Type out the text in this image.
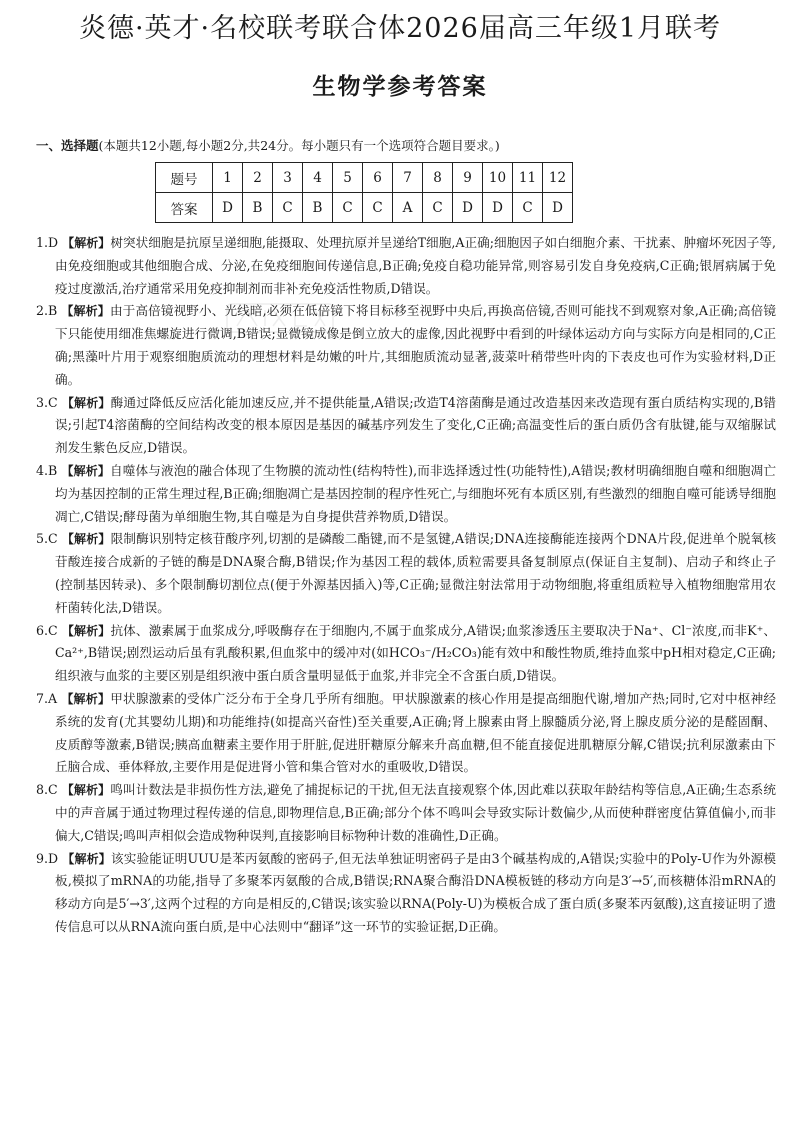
炎德·英才·名校联考联合体2026届高三年级1月联考
生物学参考答案
一、选择题(本题共12小题,每小题2分,共24分。每小题只有一个选项符合题目要求。)
题号	1	2	3	4	5	6	7	8	9	10	11	12
答案	D	B	C	B	C	C	A	C	D	D	C	D

1.D 【解析】树突状细胞是抗原呈递细胞,能摄取、处理抗原并呈递给T细胞,A正确;细胞因子如白细胞介素、干扰素、肿瘤坏死因子等,由免疫细胞或其他细胞合成、分泌,在免疫细胞间传递信息,B正确;免疫自稳功能异常,则容易引发自身免疫病,C正确;银屑病属于免疫过度激活,治疗通常采用免疫抑制剂而非补充免疫活性物质,D错误。

2.B 【解析】由于高倍镜视野小、光线暗,必须在低倍镜下将目标移至视野中央后,再换高倍镜,否则可能找不到观察对象,A正确;高倍镜下只能使用细准焦螺旋进行微调,B错误;显微镜成像是倒立放大的虚像,因此视野中看到的叶绿体运动方向与实际方向是相同的,C正确;黑藻叶片用于观察细胞质流动的理想材料是幼嫩的叶片,其细胞质流动显著,菠菜叶稍带些叶肉的下表皮也可作为实验材料,D正确。

3.C 【解析】酶通过降低反应活化能加速反应,并不提供能量,A错误;改造T4溶菌酶是通过改造基因来改造现有蛋白质结构实现的,B错误;引起T4溶菌酶的空间结构改变的根本原因是基因的碱基序列发生了变化,C正确;高温变性后的蛋白质仍含有肽键,能与双缩脲试剂发生紫色反应,D错误。

4.B 【解析】自噬体与液泡的融合体现了生物膜的流动性(结构特性),而非选择透过性(功能特性),A错误;教材明确细胞自噬和细胞凋亡均为基因控制的正常生理过程,B正确;细胞凋亡是基因控制的程序性死亡,与细胞坏死有本质区别,有些激烈的细胞自噬可能诱导细胞凋亡,C错误;酵母菌为单细胞生物,其自噬是为自身提供营养物质,D错误。

5.C 【解析】限制酶识别特定核苷酸序列,切割的是磷酸二酯键,而不是氢键,A错误;DNA连接酶能连接两个DNA片段,促进单个脱氧核苷酸连接合成新的子链的酶是DNA聚合酶,B错误;作为基因工程的载体,质粒需要具备复制原点(保证自主复制)、启动子和终止子(控制基因转录)、多个限制酶切割位点(便于外源基因插入)等,C正确;显微注射法常用于动物细胞,将重组质粒导入植物细胞常用农杆菌转化法,D错误。

6.C 【解析】抗体、激素属于血浆成分,呼吸酶存在于细胞内,不属于血浆成分,A错误;血浆渗透压主要取决于Na⁺、Cl⁻浓度,而非K⁺、Ca²⁺,B错误;剧烈运动后虽有乳酸积累,但血浆中的缓冲对(如HCO₃⁻/H₂CO₃)能有效中和酸性物质,维持血浆中pH相对稳定,C正确;组织液与血浆的主要区别是组织液中蛋白质含量明显低于血浆,并非完全不含蛋白质,D错误。

7.A 【解析】甲状腺激素的受体广泛分布于全身几乎所有细胞。甲状腺激素的核心作用是提高细胞代谢,增加产热;同时,它对中枢神经系统的发育(尤其婴幼儿期)和功能维持(如提高兴奋性)至关重要,A正确;肾上腺素由肾上腺髓质分泌,肾上腺皮质分泌的是醛固酮、皮质醇等激素,B错误;胰高血糖素主要作用于肝脏,促进肝糖原分解来升高血糖,但不能直接促进肌糖原分解,C错误;抗利尿激素由下丘脑合成、垂体释放,主要作用是促进肾小管和集合管对水的重吸收,D错误。

8.C 【解析】鸣叫计数法是非损伤性方法,避免了捕捉标记的干扰,但无法直接观察个体,因此难以获取年龄结构等信息,A正确;生态系统中的声音属于通过物理过程传递的信息,即物理信息,B正确;部分个体不鸣叫会导致实际计数偏少,从而使种群密度估算值偏小,而非偏大,C错误;鸣叫声相似会造成物种误判,直接影响目标物种计数的准确性,D正确。

9.D 【解析】该实验能证明UUU是苯丙氨酸的密码子,但无法单独证明密码子是由3个碱基构成的,A错误;实验中的Poly-U作为外源模板,模拟了mRNA的功能,指导了多聚苯丙氨酸的合成,B错误;RNA聚合酶沿DNA模板链的移动方向是3′→5′,而核糖体沿mRNA的移动方向是5′→3′,这两个过程的方向是相反的,C错误;该实验以RNA(Poly-U)为模板合成了蛋白质(多聚苯丙氨酸),这直接证明了遗传信息可以从RNA流向蛋白质,是中心法则中“翻译”这一环节的实验证据,D正确。
